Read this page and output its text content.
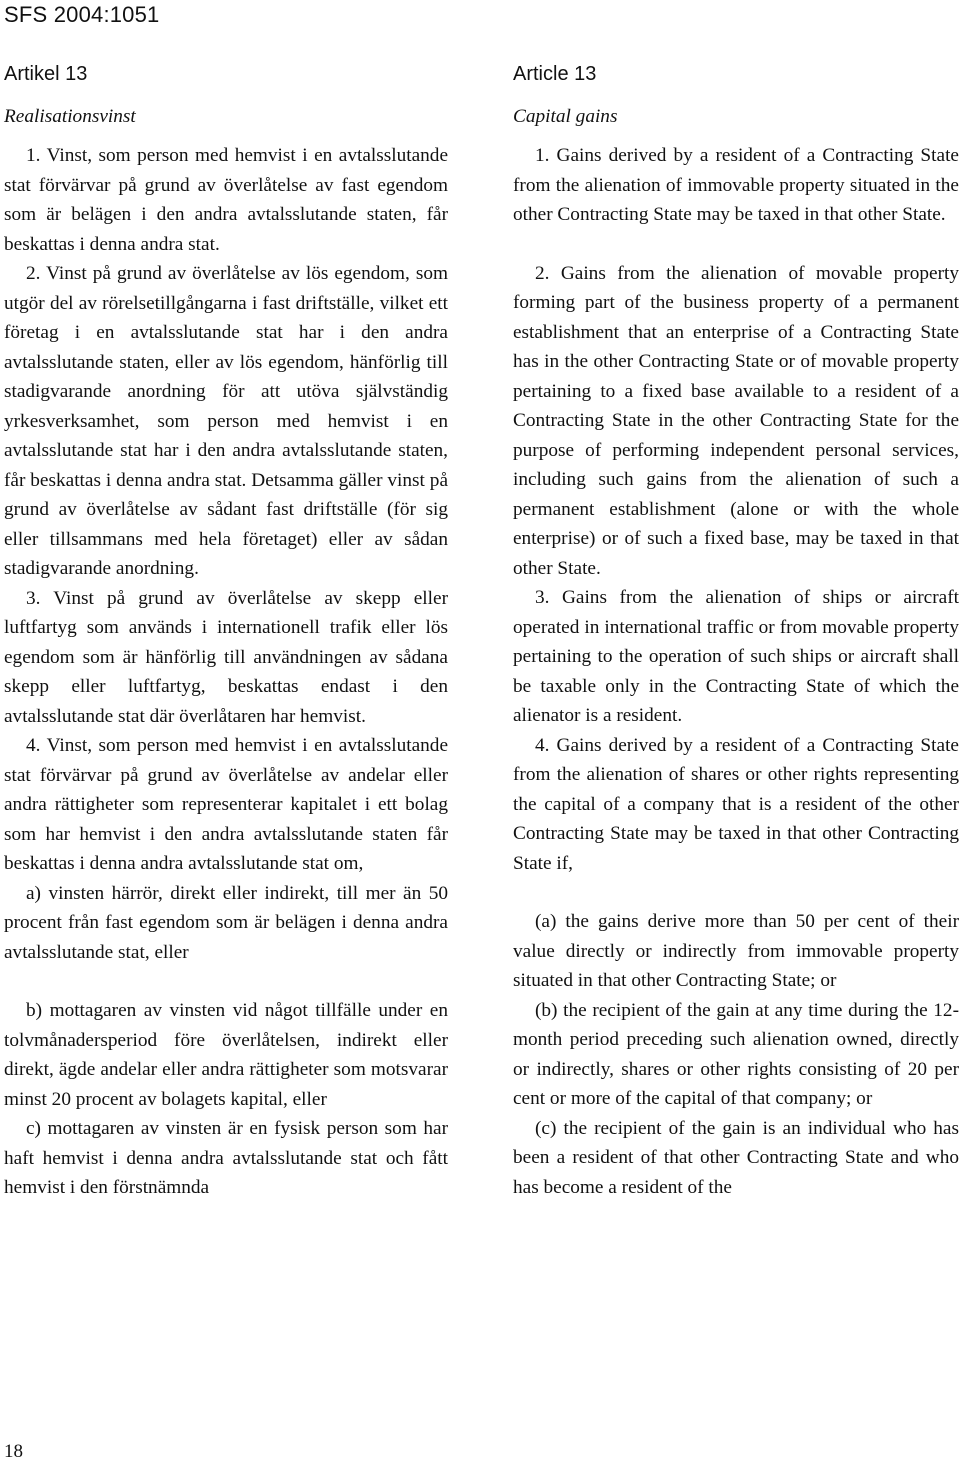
SFS 2004:1051
Artikel 13
Realisationsvinst

1. Vinst, som person med hemvist i en avtalsslutande stat förvärvar på grund av överlåtelse av fast egendom som är belägen i den andra avtalsslutande staten, får beskattas i denna andra stat.

2. Vinst på grund av överlåtelse av lös egendom, som utgör del av rörelsetillgångarna i fast driftställe, vilket ett företag i en avtalsslutande stat har i den andra avtalsslutande staten, eller av lös egendom, hänförlig till stadigvarande anordning för att utöva självständig yrkesverksamhet, som person med hemvist i en avtalsslutande stat har i den andra avtalsslutande staten, får beskattas i denna andra stat. Detsamma gäller vinst på grund av överlåtelse av sådant fast driftställe (för sig eller tillsammans med hela företaget) eller av sådan stadigvarande anordning.

3. Vinst på grund av överlåtelse av skepp eller luftfartyg som används i internationell trafik eller lös egendom som är hänförlig till användningen av sådana skepp eller luftfartyg, beskattas endast i den avtalsslutande stat där överlåtaren har hemvist.

4. Vinst, som person med hemvist i en avtalsslutande stat förvärvar på grund av överlåtelse av andelar eller andra rättigheter som representerar kapitalet i ett bolag som har hemvist i den andra avtalsslutande staten får beskattas i denna andra avtalsslutande stat om,

a) vinsten härrör, direkt eller indirekt, till mer än 50 procent från fast egendom som är belägen i denna andra avtalsslutande stat, eller

b) mottagaren av vinsten vid något tillfälle under en tolvmånadersperiod före överlåtelsen, indirekt eller direkt, ägde andelar eller andra rättigheter som motsvarar minst 20 procent av bolagets kapital, eller

c) mottagaren av vinsten är en fysisk person som har haft hemvist i denna andra avtalsslutande stat och fått hemvist i den förstnämnda

Article 13
Capital gains

1. Gains derived by a resident of a Contracting State from the alienation of immovable property situated in the other Contracting State may be taxed in that other State.

2. Gains from the alienation of movable property forming part of the business property of a permanent establishment that an enterprise of a Contracting State has in the other Contracting State or of movable property pertaining to a fixed base available to a resident of a Contracting State in the other Contracting State for the purpose of performing independent personal services, including such gains from the alienation of such a permanent establishment (alone or with the whole enterprise) or of such a fixed base, may be taxed in that other State.

3. Gains from the alienation of ships or aircraft operated in international traffic or from movable property pertaining to the operation of such ships or aircraft shall be taxable only in the Contracting State of which the alienator is a resident.

4. Gains derived by a resident of a Contracting State from the alienation of shares or other rights representing the capital of a company that is a resident of the other Contracting State may be taxed in that other Contracting State if,

(a) the gains derive more than 50 per cent of their value directly or indirectly from immovable property situated in that other Contracting State; or

(b) the recipient of the gain at any time during the 12-month period preceding such alienation owned, directly or indirectly, shares or other rights consisting of 20 per cent or more of the capital of that company; or

(c) the recipient of the gain is an individual who has been a resident of that other Contracting State and who has become a resident of the

18
